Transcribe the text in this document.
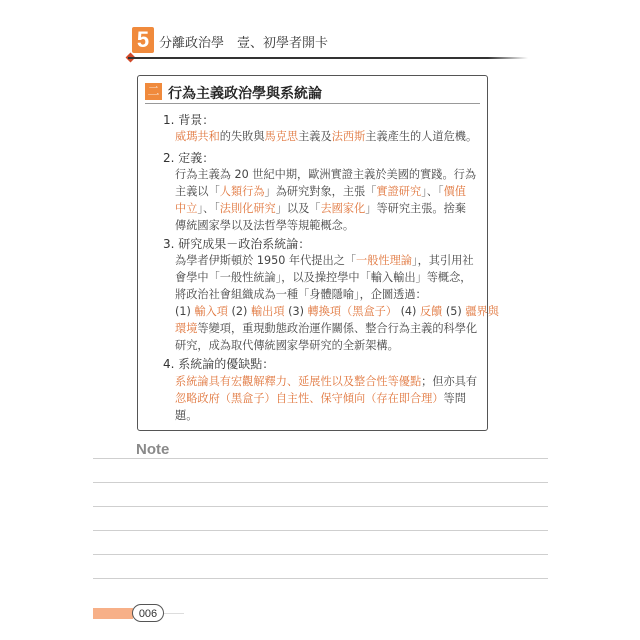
5 分離政治學　壹、初學者開卡
二 行為主義政治學與系統論
1. 背景：
威瑪共和的失敗與馬克思主義及法西斯主義產生的人道危機。
2. 定義：
行為主義為 20 世紀中期，歐洲實證主義於美國的實踐。行為
主義以「人類行為」為研究對象，主張「實證研究」、「價值
中立」、「法則化研究」以及「去國家化」等研究主張。捨棄
傳統國家學以及法哲學等規範概念。
3. 研究成果－政治系統論：
為學者伊斯頓於 1950 年代提出之「一般性理論」，其引用社
會學中「一般性統論」，以及操控學中「輸入輸出」等概念，
將政治社會組織成為一種「身體隱喻」，企圖透過：
(1) 輸入項 (2) 輸出項 (3) 轉換項（黑盒子） (4) 反饋 (5) 疆界與
環境等變項，重現動態政治運作關係、整合行為主義的科學化
研究，成為取代傳統國家學研究的全新架構。
4. 系統論的優缺點：
系統論具有宏觀解釋力、延展性以及整合性等優點；但亦具有
忽略政府（黑盒子）自主性、保守傾向（存在即合理）等問
題。
Note
006
